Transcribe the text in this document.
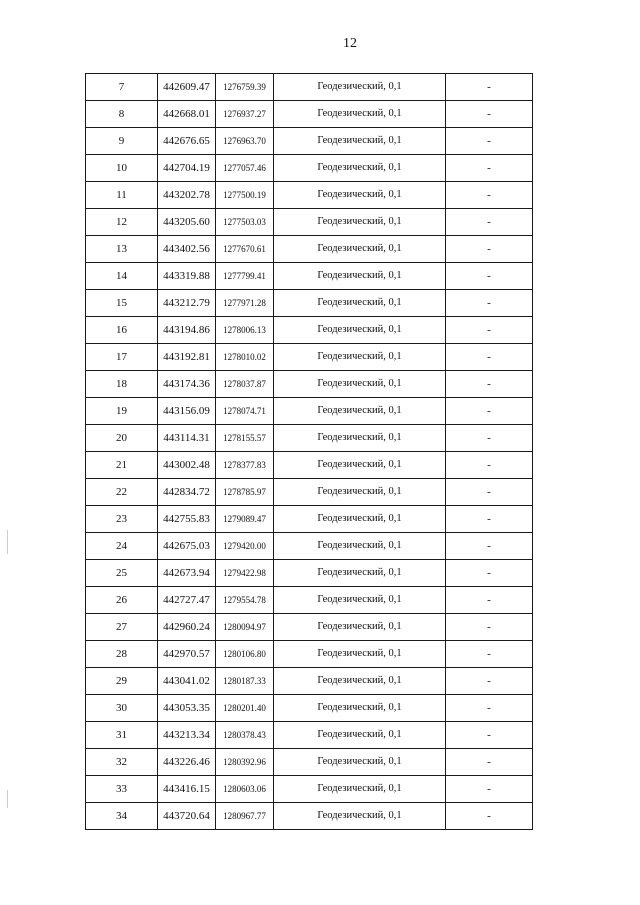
12
7	442609.47	1276759.39	Геодезический, 0,1	-
8	442668.01	1276937.27	Геодезический, 0,1	-
9	442676.65	1276963.70	Геодезический, 0,1	-
10	442704.19	1277057.46	Геодезический, 0,1	-
11	443202.78	1277500.19	Геодезический, 0,1	-
12	443205.60	1277503.03	Геодезический, 0,1	-
13	443402.56	1277670.61	Геодезический, 0,1	-
14	443319.88	1277799.41	Геодезический, 0,1	-
15	443212.79	1277971.28	Геодезический, 0,1	-
16	443194.86	1278006.13	Геодезический, 0,1	-
17	443192.81	1278010.02	Геодезический, 0,1	-
18	443174.36	1278037.87	Геодезический, 0,1	-
19	443156.09	1278074.71	Геодезический, 0,1	-
20	443114.31	1278155.57	Геодезический, 0,1	-
21	443002.48	1278377.83	Геодезический, 0,1	-
22	442834.72	1278785.97	Геодезический, 0,1	-
23	442755.83	1279089.47	Геодезический, 0,1	-
24	442675.03	1279420.00	Геодезический, 0,1	-
25	442673.94	1279422.98	Геодезический, 0,1	-
26	442727.47	1279554.78	Геодезический, 0,1	-
27	442960.24	1280094.97	Геодезический, 0,1	-
28	442970.57	1280106.80	Геодезический, 0,1	-
29	443041.02	1280187.33	Геодезический, 0,1	-
30	443053.35	1280201.40	Геодезический, 0,1	-
31	443213.34	1280378.43	Геодезический, 0,1	-
32	443226.46	1280392.96	Геодезический, 0,1	-
33	443416.15	1280603.06	Геодезический, 0,1	-
34	443720.64	1280967.77	Геодезический, 0,1	-
